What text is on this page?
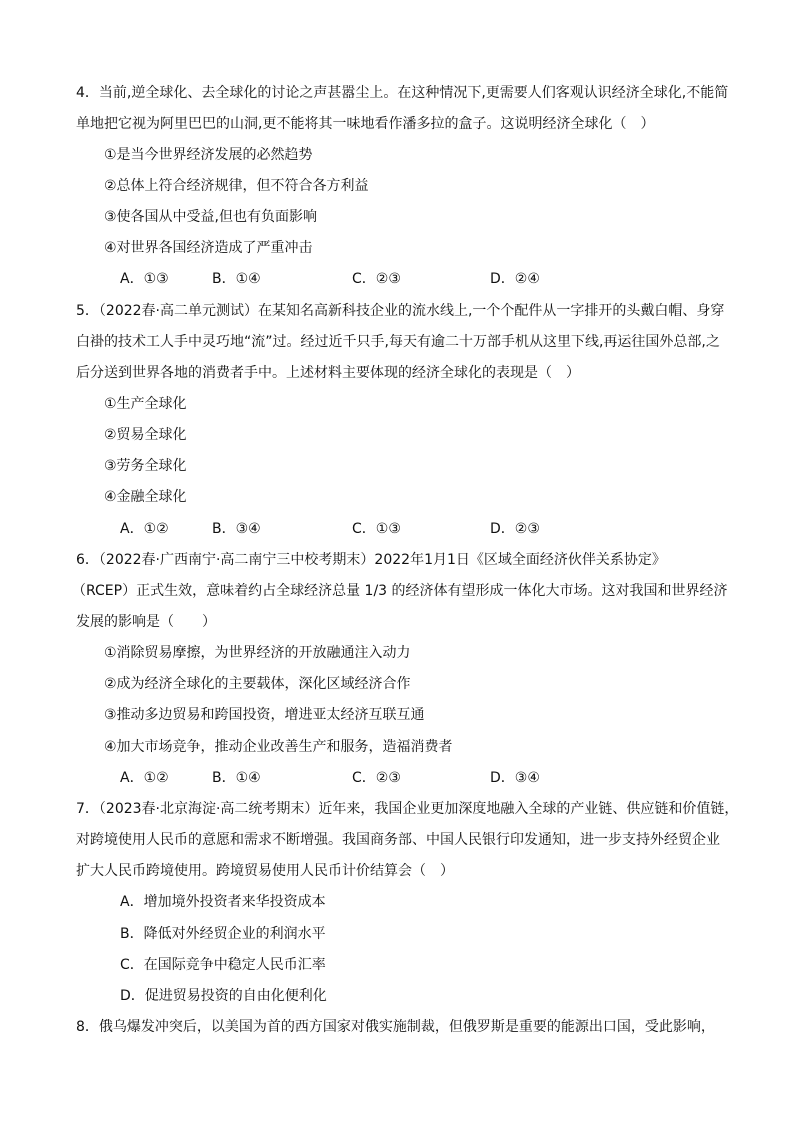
4．当前,逆全球化、去全球化的讨论之声甚嚣尘上。在这种情况下,更需要人们客观认识经济全球化,不能简
单地把它视为阿里巴巴的山洞,更不能将其一味地看作潘多拉的盒子。这说明经济全球化（　）
①是当今世界经济发展的必然趋势
②总体上符合经济规律，但不符合各方利益
③使各国从中受益,但也有负面影响
④对世界各国经济造成了严重冲击
A．①③	B．①④	C．②③	D．②④
5．（2022春·高二单元测试）在某知名高新科技企业的流水线上,一个个配件从一字排开的头戴白帽、身穿
白褂的技术工人手中灵巧地“流”过。经过近千只手,每天有逾二十万部手机从这里下线,再运往国外总部,之
后分送到世界各地的消费者手中。上述材料主要体现的经济全球化的表现是（　）
①生产全球化
②贸易全球化
③劳务全球化
④金融全球化
A．①②	B．③④	C．①③	D．②③
6．（2022春·广西南宁·高二南宁三中校考期末）2022年1月1日《区域全面经济伙伴关系协定》
（RCEP）正式生效，意味着约占全球经济总量 1/3 的经济体有望形成一体化大市场。这对我国和世界经济
发展的影响是（　　）
①消除贸易摩擦，为世界经济的开放融通注入动力
②成为经济全球化的主要载体，深化区域经济合作
③推动多边贸易和跨国投资，增进亚太经济互联互通
④加大市场竞争，推动企业改善生产和服务，造福消费者
A．①②	B．①④	C．②③	D．③④
7．（2023春·北京海淀·高二统考期末）近年来，我国企业更加深度地融入全球的产业链、供应链和价值链，
对跨境使用人民币的意愿和需求不断增强。我国商务部、中国人民银行印发通知，进一步支持外经贸企业
扩大人民币跨境使用。跨境贸易使用人民币计价结算会（　）
A．增加境外投资者来华投资成本
B．降低对外经贸企业的利润水平
C．在国际竞争中稳定人民币汇率
D．促进贸易投资的自由化便利化
8．俄乌爆发冲突后，以美国为首的西方国家对俄实施制裁，但俄罗斯是重要的能源出口国，受此影响，
